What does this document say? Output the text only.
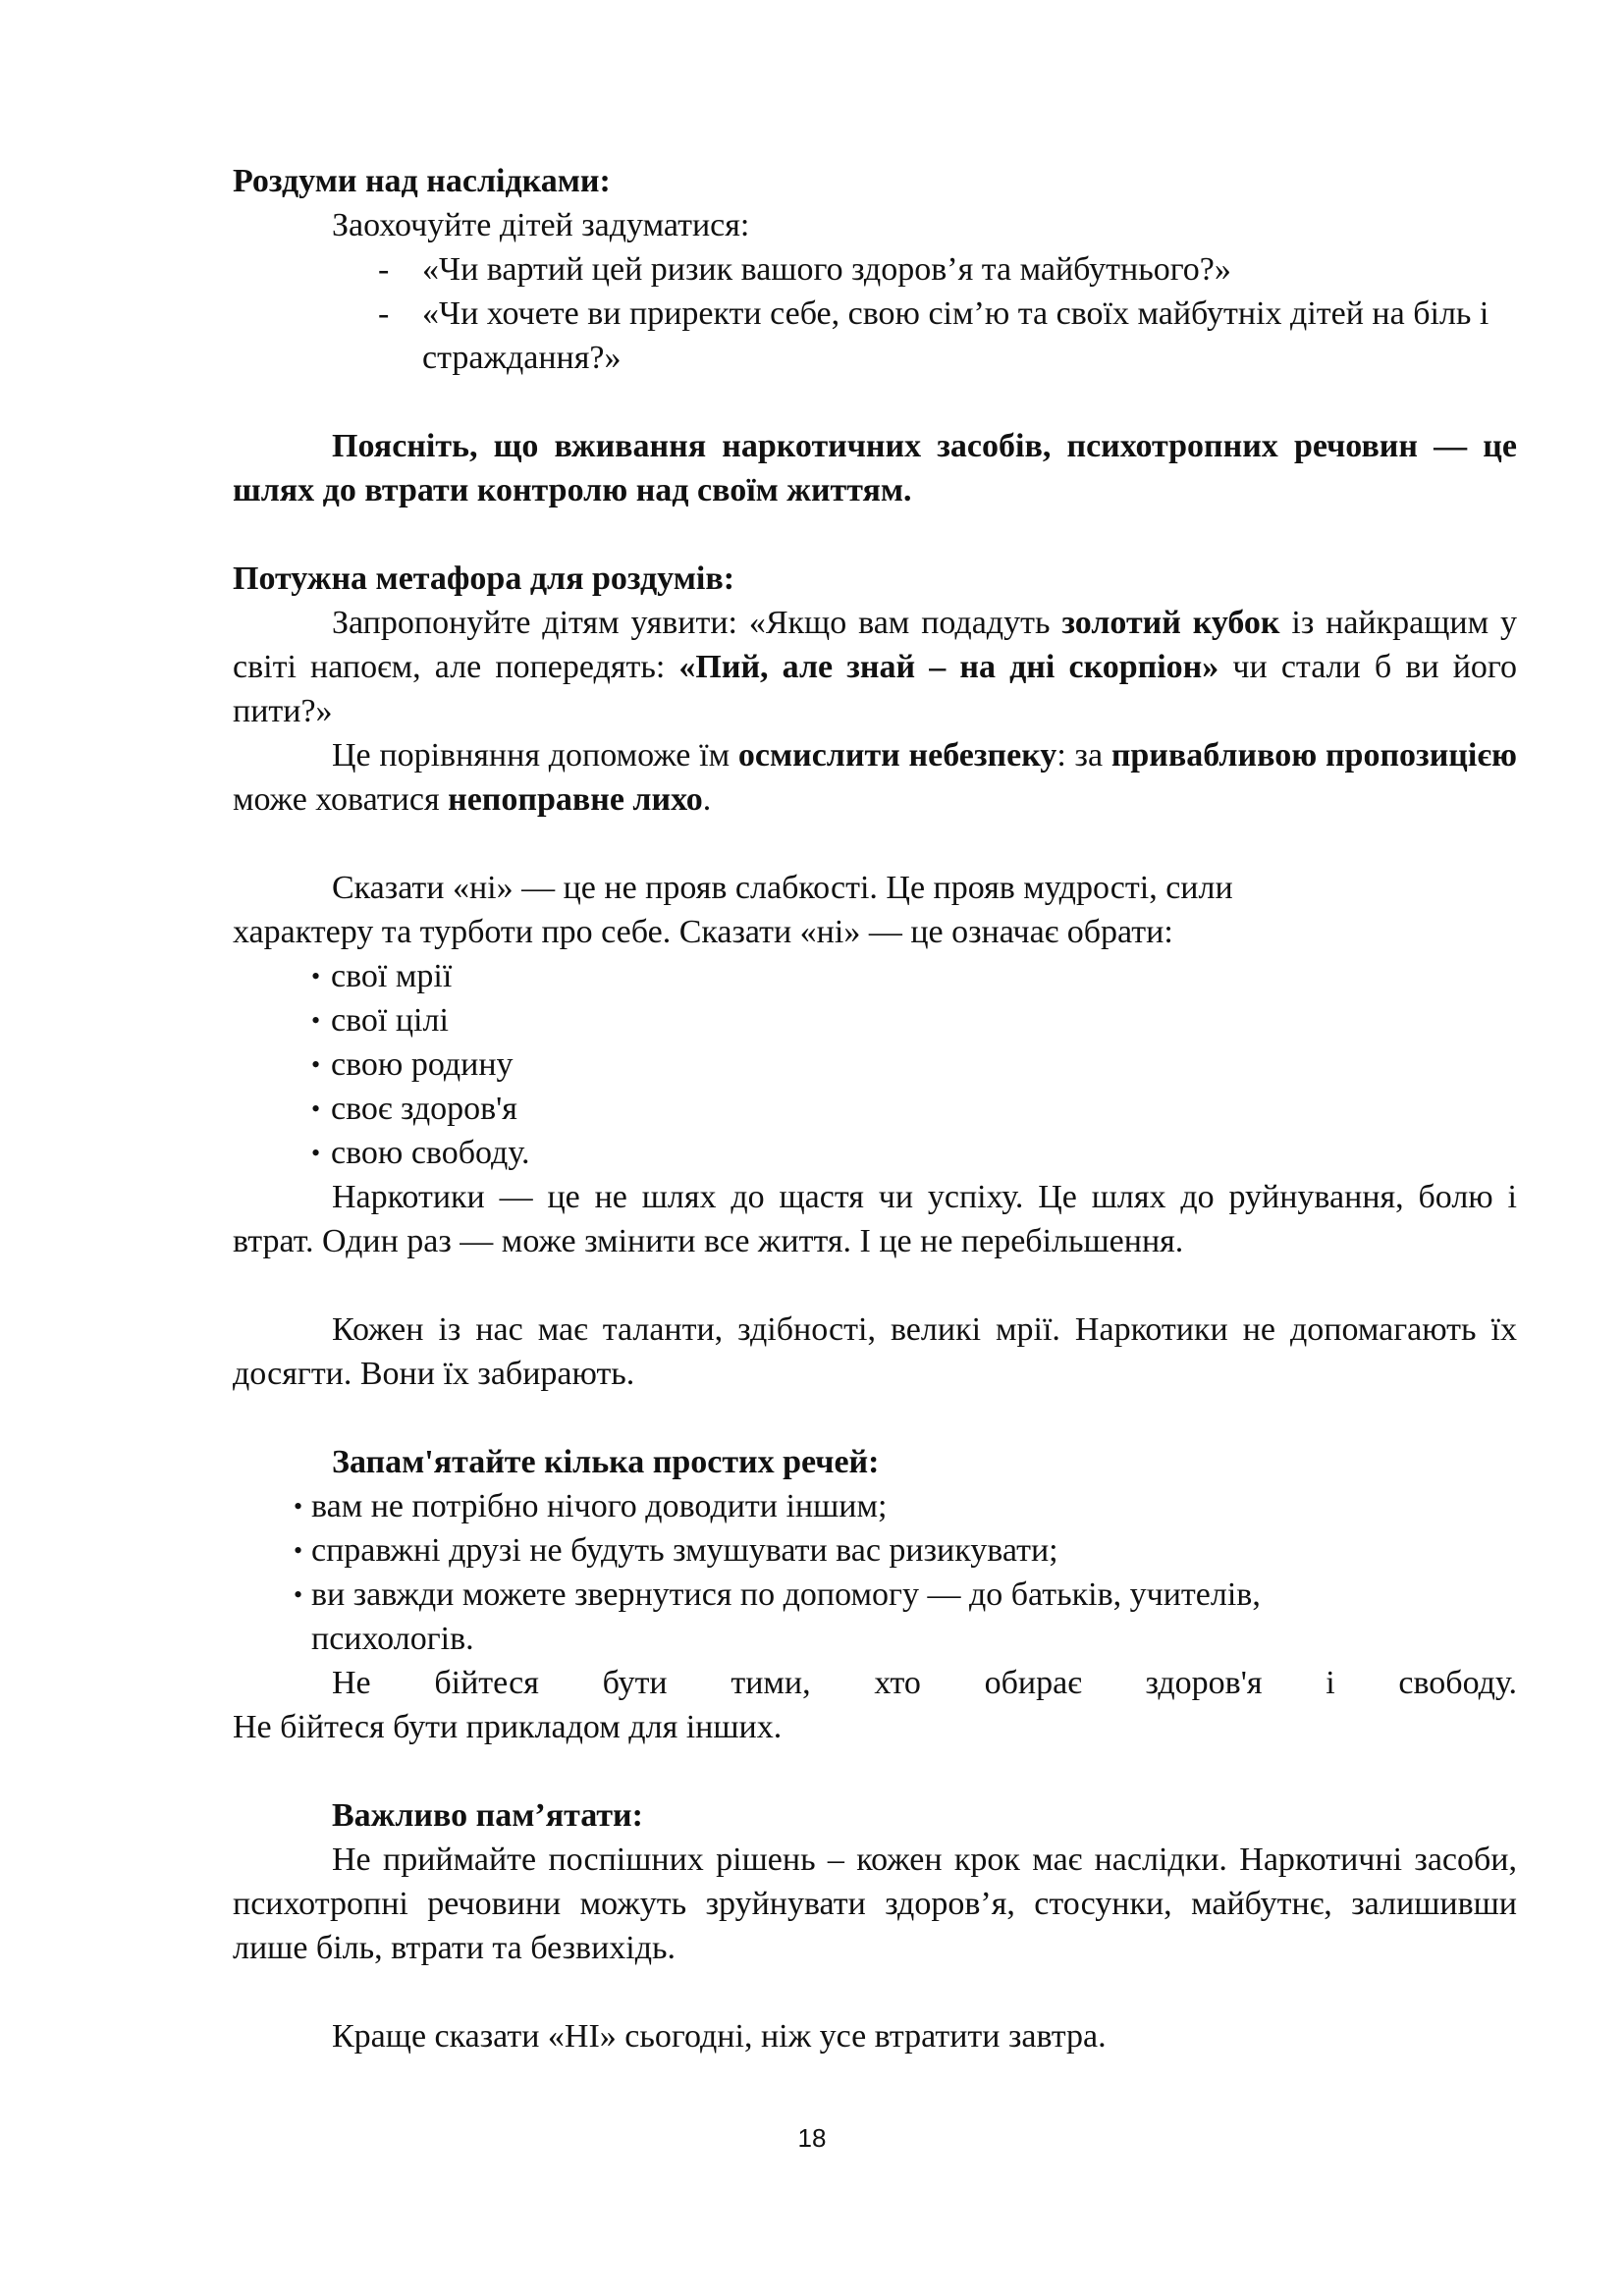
Роздуми над наслідками:

Заохочуйте дітей задуматися:

- «Чи вартий цей ризик вашого здоров’я та майбутнього?»
- «Чи хочете ви приректи себе, свою сім’ю та своїх майбутніх дітей на біль і страждання?»

Поясніть, що вживання наркотичних засобів, психотропних речовин — це шлях до втрати контролю над своїм життям.

Потужна метафора для роздумів:

Запропонуйте дітям уявити: «Якщо вам подадуть золотий кубок із найкращим у світі напоєм, але попередять: «Пий, але знай – на дні скорпіон» чи стали б ви його пити?»

Це порівняння допоможе їм осмислити небезпеку: за привабливою пропозицією може ховатися непоправне лихо.

Сказати «ні» — це не прояв слабкості. Це прояв мудрості, сили

характеру та турботи про себе. Сказати «ні» — це означає обрати:

• свої мрії
• свої цілі
• свою родину
• своє здоров'я
• свою свободу.

Наркотики — це не шлях до щастя чи успіху. Це шлях до руйнування, болю і втрат. Один раз — може змінити все життя. І це не перебільшення.

Кожен із нас має таланти, здібності, великі мрії. Наркотики не допомагають їх досягти. Вони їх забирають.

Запам'ятайте кілька простих речей:

• вам не потрібно нічого доводити іншим;
• справжні друзі не будуть змушувати вас ризикувати;
• ви завжди можете звернутися по допомогу — до батьків, учителів, психологів.

Не бійтеся бути тими, хто обирає здоров'я і свободу.

Не бійтеся бути прикладом для інших.

Важливо пам’ятати:

Не приймайте поспішних рішень – кожен крок має наслідки. Наркотичні засоби, психотропні речовини можуть зруйнувати здоров’я, стосунки, майбутнє, залишивши лише біль, втрати та безвихідь.

Краще сказати «НІ» сьогодні, ніж усе втратити завтра.

18
